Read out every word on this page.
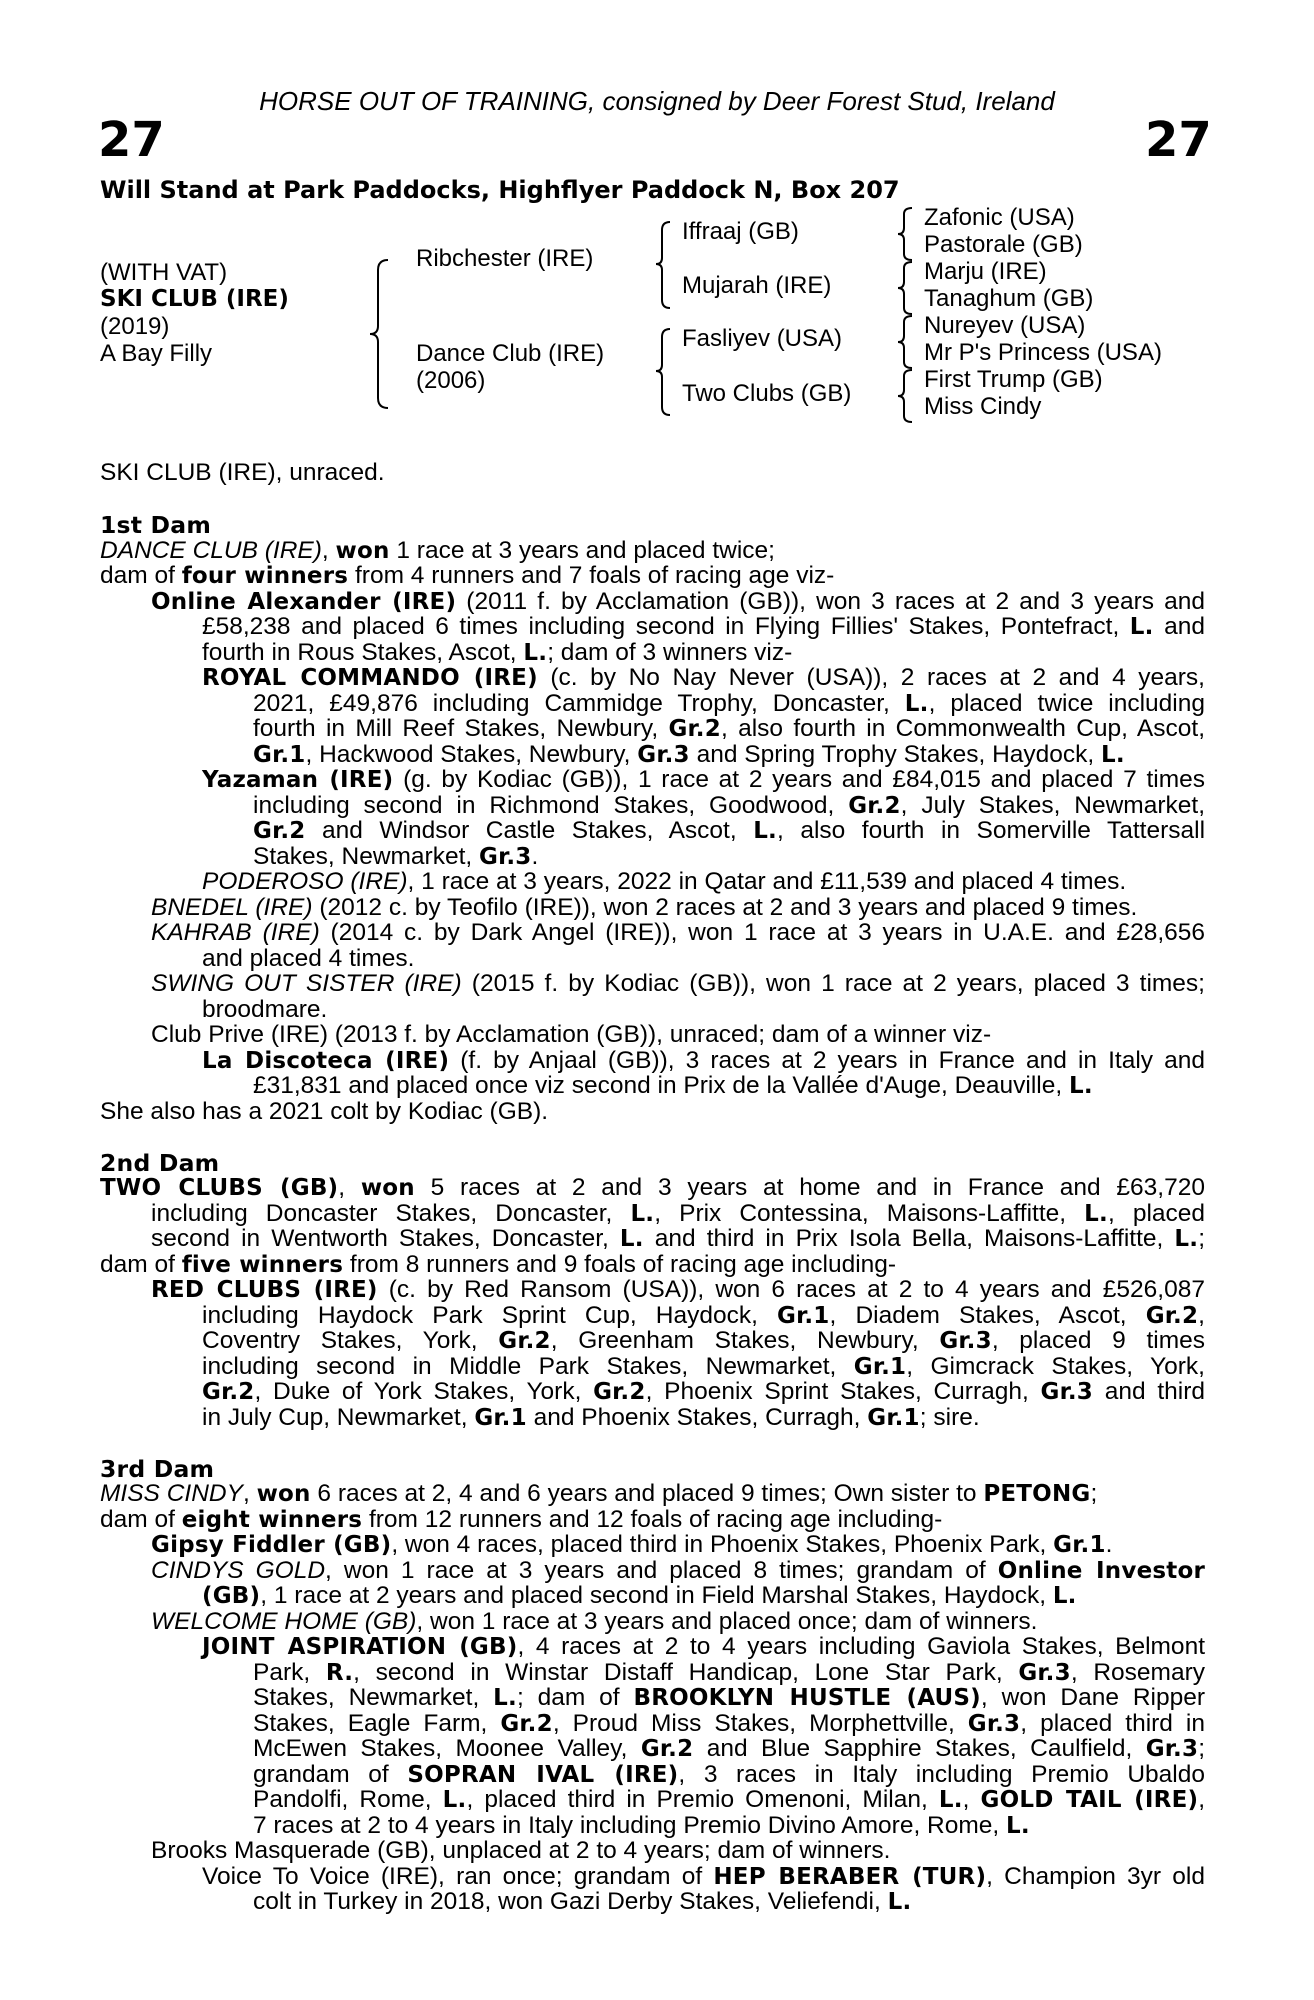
HORSE OUT OF TRAINING, consigned by Deer Forest Stud, Ireland
27	27
Will Stand at Park Paddocks, Highflyer Paddock N, Box 207
(WITH VAT)
SKI CLUB (IRE)
(2019)
A Bay Filly
Ribchester (IRE)
Dance Club (IRE)
(2006)
Iffraaj (GB)
Mujarah (IRE)
Fasliyev (USA)
Two Clubs (GB)
Zafonic (USA)
Pastorale (GB)
Marju (IRE)
Tanaghum (GB)
Nureyev (USA)
Mr P's Princess (USA)
First Trump (GB)
Miss Cindy
SKI CLUB (IRE), unraced.
1st Dam
DANCE CLUB (IRE), won 1 race at 3 years and placed twice;
dam of four winners from 4 runners and 7 foals of racing age viz-
Online Alexander (IRE) (2011 f. by Acclamation (GB)), won 3 races at 2 and 3 years and
£58,238 and placed 6 times including second in Flying Fillies' Stakes, Pontefract, L. and
fourth in Rous Stakes, Ascot, L.; dam of 3 winners viz-
ROYAL COMMANDO (IRE) (c. by No Nay Never (USA)), 2 races at 2 and 4 years,
2021, £49,876 including Cammidge Trophy, Doncaster, L., placed twice including
fourth in Mill Reef Stakes, Newbury, Gr.2, also fourth in Commonwealth Cup, Ascot,
Gr.1, Hackwood Stakes, Newbury, Gr.3 and Spring Trophy Stakes, Haydock, L.
Yazaman (IRE) (g. by Kodiac (GB)), 1 race at 2 years and £84,015 and placed 7 times
including second in Richmond Stakes, Goodwood, Gr.2, July Stakes, Newmarket,
Gr.2 and Windsor Castle Stakes, Ascot, L., also fourth in Somerville Tattersall
Stakes, Newmarket, Gr.3.
PODEROSO (IRE), 1 race at 3 years, 2022 in Qatar and £11,539 and placed 4 times.
BNEDEL (IRE) (2012 c. by Teofilo (IRE)), won 2 races at 2 and 3 years and placed 9 times.
KAHRAB (IRE) (2014 c. by Dark Angel (IRE)), won 1 race at 3 years in U.A.E. and £28,656
and placed 4 times.
SWING OUT SISTER (IRE) (2015 f. by Kodiac (GB)), won 1 race at 2 years, placed 3 times;
broodmare.
Club Prive (IRE) (2013 f. by Acclamation (GB)), unraced; dam of a winner viz-
La Discoteca (IRE) (f. by Anjaal (GB)), 3 races at 2 years in France and in Italy and
£31,831 and placed once viz second in Prix de la Vallée d'Auge, Deauville, L.
She also has a 2021 colt by Kodiac (GB).
2nd Dam
TWO CLUBS (GB), won 5 races at 2 and 3 years at home and in France and £63,720
including Doncaster Stakes, Doncaster, L., Prix Contessina, Maisons-Laffitte, L., placed
second in Wentworth Stakes, Doncaster, L. and third in Prix Isola Bella, Maisons-Laffitte, L.;
dam of five winners from 8 runners and 9 foals of racing age including-
RED CLUBS (IRE) (c. by Red Ransom (USA)), won 6 races at 2 to 4 years and £526,087
including Haydock Park Sprint Cup, Haydock, Gr.1, Diadem Stakes, Ascot, Gr.2,
Coventry Stakes, York, Gr.2, Greenham Stakes, Newbury, Gr.3, placed 9 times
including second in Middle Park Stakes, Newmarket, Gr.1, Gimcrack Stakes, York,
Gr.2, Duke of York Stakes, York, Gr.2, Phoenix Sprint Stakes, Curragh, Gr.3 and third
in July Cup, Newmarket, Gr.1 and Phoenix Stakes, Curragh, Gr.1; sire.
3rd Dam
MISS CINDY, won 6 races at 2, 4 and 6 years and placed 9 times; Own sister to PETONG;
dam of eight winners from 12 runners and 12 foals of racing age including-
Gipsy Fiddler (GB), won 4 races, placed third in Phoenix Stakes, Phoenix Park, Gr.1.
CINDYS GOLD, won 1 race at 3 years and placed 8 times; grandam of Online Investor
(GB), 1 race at 2 years and placed second in Field Marshal Stakes, Haydock, L.
WELCOME HOME (GB), won 1 race at 3 years and placed once; dam of winners.
JOINT ASPIRATION (GB), 4 races at 2 to 4 years including Gaviola Stakes, Belmont
Park, R., second in Winstar Distaff Handicap, Lone Star Park, Gr.3, Rosemary
Stakes, Newmarket, L.; dam of BROOKLYN HUSTLE (AUS), won Dane Ripper
Stakes, Eagle Farm, Gr.2, Proud Miss Stakes, Morphettville, Gr.3, placed third in
McEwen Stakes, Moonee Valley, Gr.2 and Blue Sapphire Stakes, Caulfield, Gr.3;
grandam of SOPRAN IVAL (IRE), 3 races in Italy including Premio Ubaldo
Pandolfi, Rome, L., placed third in Premio Omenoni, Milan, L., GOLD TAIL (IRE),
7 races at 2 to 4 years in Italy including Premio Divino Amore, Rome, L.
Brooks Masquerade (GB), unplaced at 2 to 4 years; dam of winners.
Voice To Voice (IRE), ran once; grandam of HEP BERABER (TUR), Champion 3yr old
colt in Turkey in 2018, won Gazi Derby Stakes, Veliefendi, L.
